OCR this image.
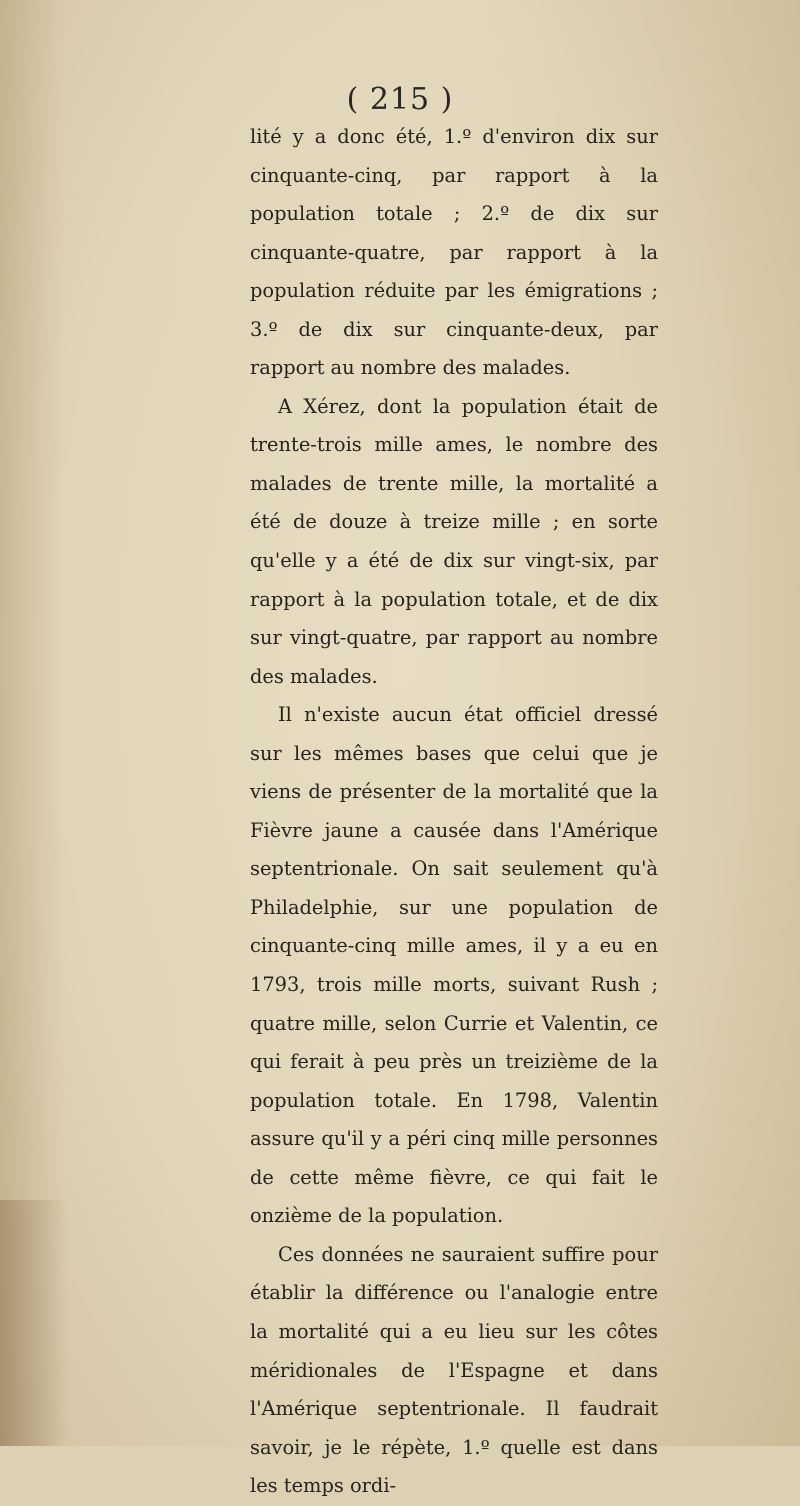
( 215 )

lité y a donc été, 1.º d'environ dix sur cinquante-cinq, par rapport à la population totale ; 2.º de dix sur cinquante-quatre, par rapport à la population réduite par les émigrations ; 3.º de dix sur cinquante-deux, par rapport au nombre des malades.

A Xérez, dont la population était de trente-trois mille ames, le nombre des malades de trente mille, la mortalité a été de douze à treize mille ; en sorte qu'elle y a été de dix sur vingt-six, par rapport à la population totale, et de dix sur vingt-quatre, par rapport au nombre des malades.

Il n'existe aucun état officiel dressé sur les mêmes bases que celui que je viens de présenter de la mortalité que la Fièvre jaune a causée dans l'Amérique septentrionale. On sait seulement qu'à Philadelphie, sur une population de cinquante-cinq mille ames, il y a eu en 1793, trois mille morts, suivant Rush ; quatre mille, selon Currie et Valentin, ce qui ferait à peu près un treizième de la population totale. En 1798, Valentin assure qu'il y a péri cinq mille personnes de cette même fièvre, ce qui fait le onzième de la population.

Ces données ne sauraient suffire pour établir la différence ou l'analogie entre la mortalité qui a eu lieu sur les côtes méridionales de l'Espagne et dans l'Amérique septentrionale. Il faudrait savoir, je le répète, 1.º quelle est dans les temps ordi-
